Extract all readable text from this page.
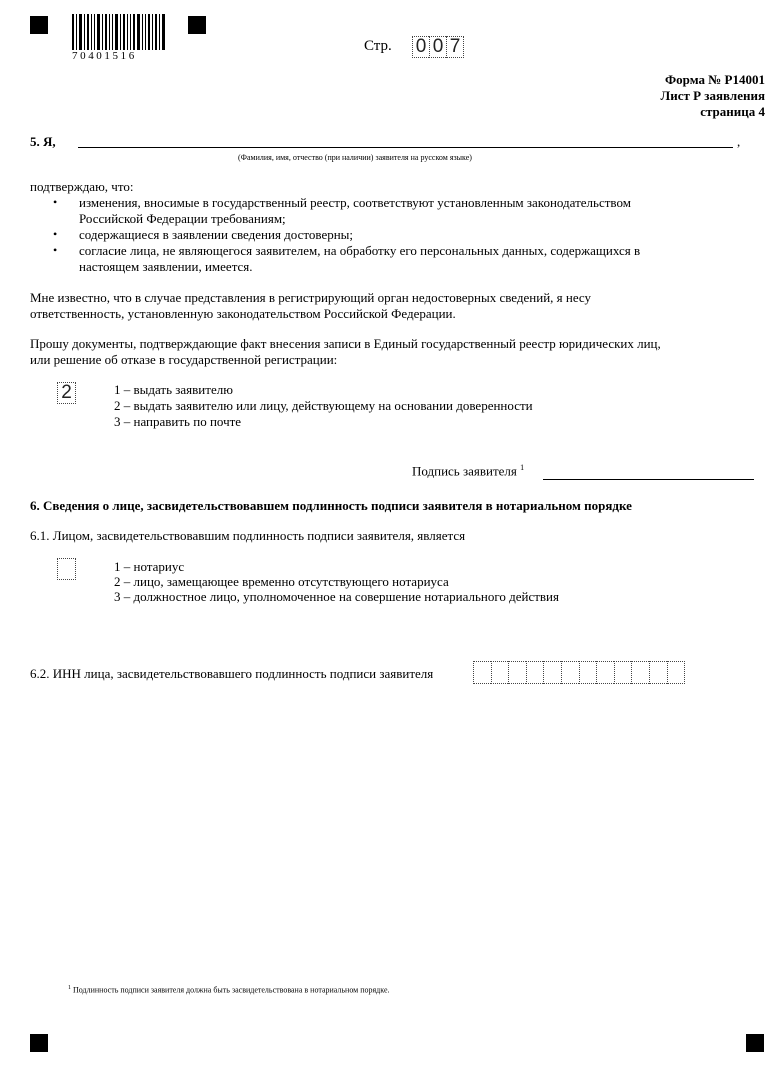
70401516
Стр. 0 0 7
Форма № Р14001
Лист Р заявления
страница 4
5. Я,	,
(Фамилия, имя, отчество (при наличии) заявителя на русском языке)
подтверждаю, что:
• изменения, вносимые в государственный реестр, соответствуют установленным законодательством
Российской Федерации требованиям;
• содержащиеся в заявлении сведения достоверны;
• согласие лица, не являющегося заявителем, на обработку его персональных данных, содержащихся в
настоящем заявлении, имеется.
Мне известно, что в случае представления в регистрирующий орган недостоверных сведений, я несу
ответственность, установленную законодательством Российской Федерации.
Прошу документы, подтверждающие факт внесения записи в Единый государственный реестр юридических лиц,
или решение об отказе в государственной регистрации:
2	1 – выдать заявителю
2 – выдать заявителю или лицу, действующему на основании доверенности
3 – направить по почте
Подпись заявителя $^1$
6. Сведения о лице, засвидетельствовавшем подлинность подписи заявителя в нотариальном порядке
6.1. Лицом, засвидетельствовавшим подлинность подписи заявителя, является
1 – нотариус
2 – лицо, замещающее временно отсутствующего нотариуса
3 – должностное лицо, уполномоченное на совершение нотариального действия
6.2. ИНН лица, засвидетельствовавшего подлинность подписи заявителя
$^1$ Подлинность подписи заявителя должна быть засвидетельствована в нотариальном порядке.
